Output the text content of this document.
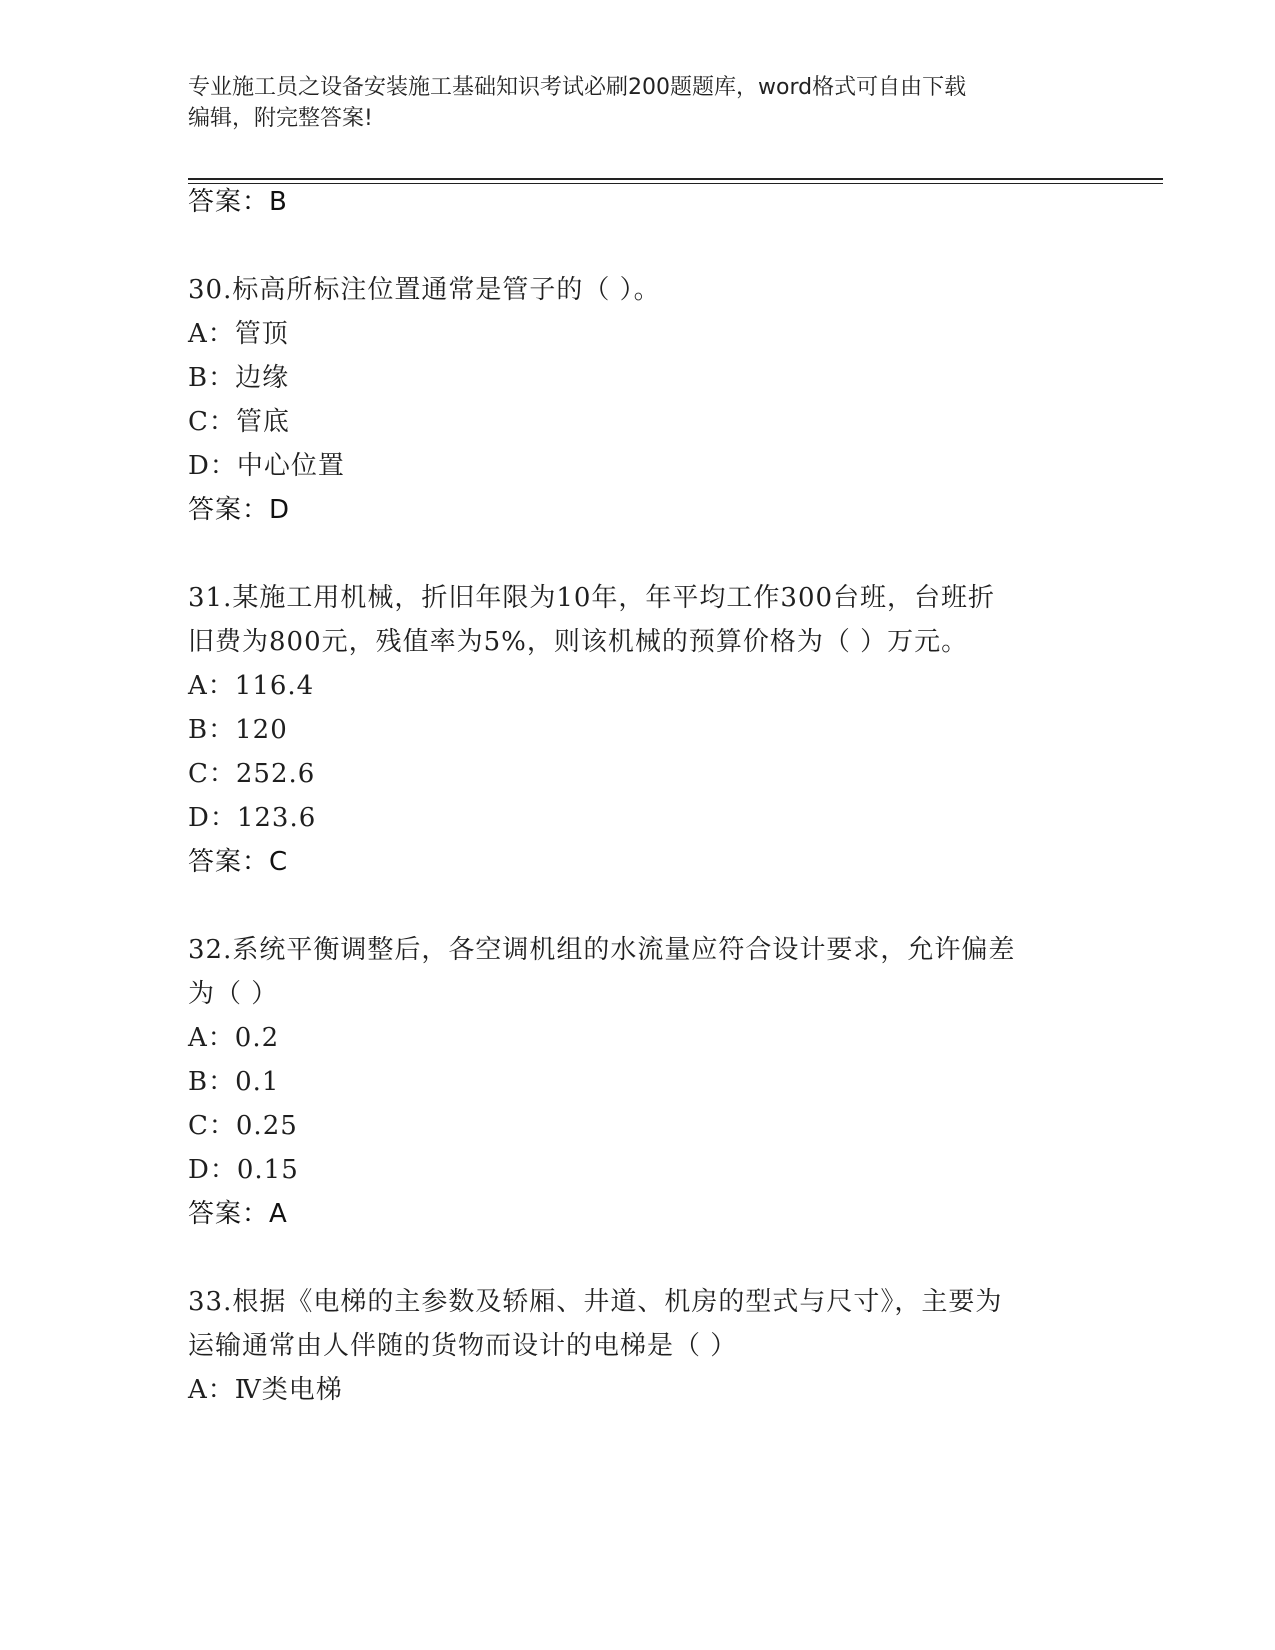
专业施工员之设备安装施工基础知识考试必刷200题题库，word格式可自由下载
编辑，附完整答案!
答案：B
30.标高所标注位置通常是管子的（ ）。
A：管顶
B：边缘
C：管底
D：中心位置
答案：D
31.某施工用机械，折旧年限为10年，年平均工作300台班，台班折
旧费为800元，残值率为5%，则该机械的预算价格为（ ）万元。
A：116.4
B：120
C：252.6
D：123.6
答案：C
32.系统平衡调整后，各空调机组的水流量应符合设计要求，允许偏差
为（ ）
A：0.2
B：0.1
C：0.25
D：0.15
答案：A
33.根据《电梯的主参数及轿厢、井道、机房的型式与尺寸》，主要为
运输通常由人伴随的货物而设计的电梯是（ ）
A：Ⅳ类电梯
